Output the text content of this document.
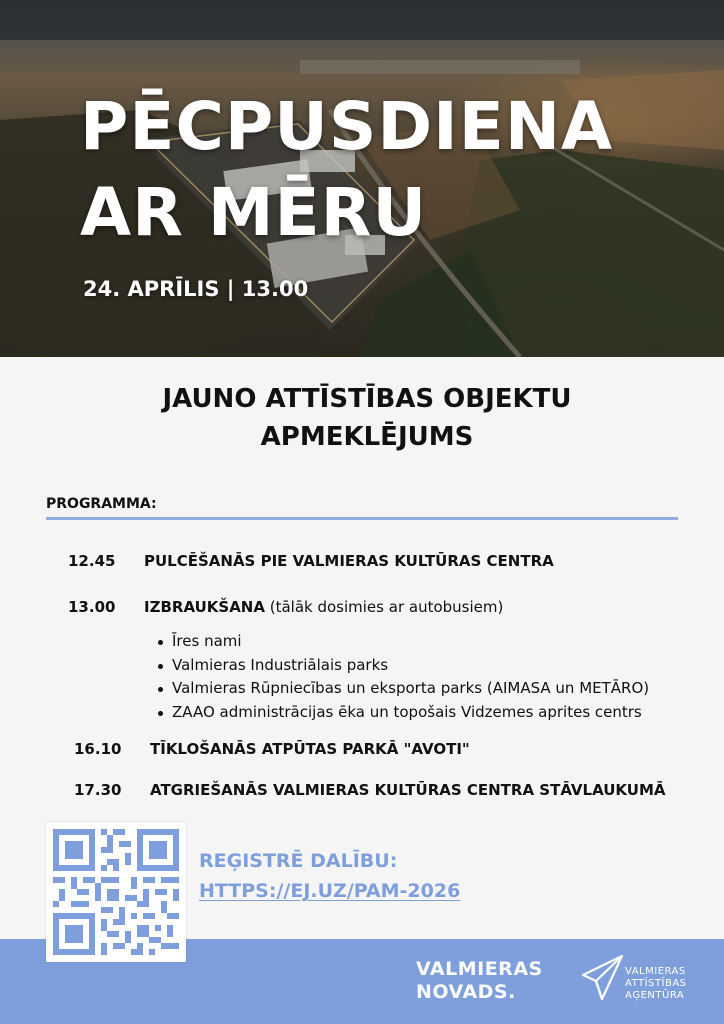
PĒCPUSDIENA
AR MĒRU
24. APRĪLIS | 13.00
JAUNO ATTĪSTĪBAS OBJEKTU
APMEKLĒJUMS
PROGRAMMA:
12.45 PULCĒŠANĀS PIE VALMIERAS KULTŪRAS CENTRA
13.00 IZBRAUKŠANA (tālāk dosimies ar autobusiem)
Īres nami
Valmieras Industriālais parks
Valmieras Rūpniecības un eksporta parks (AIMASA un METĀRO)
ZAAO administrācijas ēka un topošais Vidzemes aprites centrs
16.10 TĪKLOŠANĀS ATPŪTAS PARKĀ "AVOTI"
17.30 ATGRIEŠANĀS VALMIERAS KULTŪRAS CENTRA STĀVLAUKUMĀ
REĢISTRĒ DALĪBU:
HTTPS://EJ.UZ/PAM-2026
VALMIERAS
NOVADS.
VALMIERAS
ATTĪSTĪBAS
AĢENTŪRA
